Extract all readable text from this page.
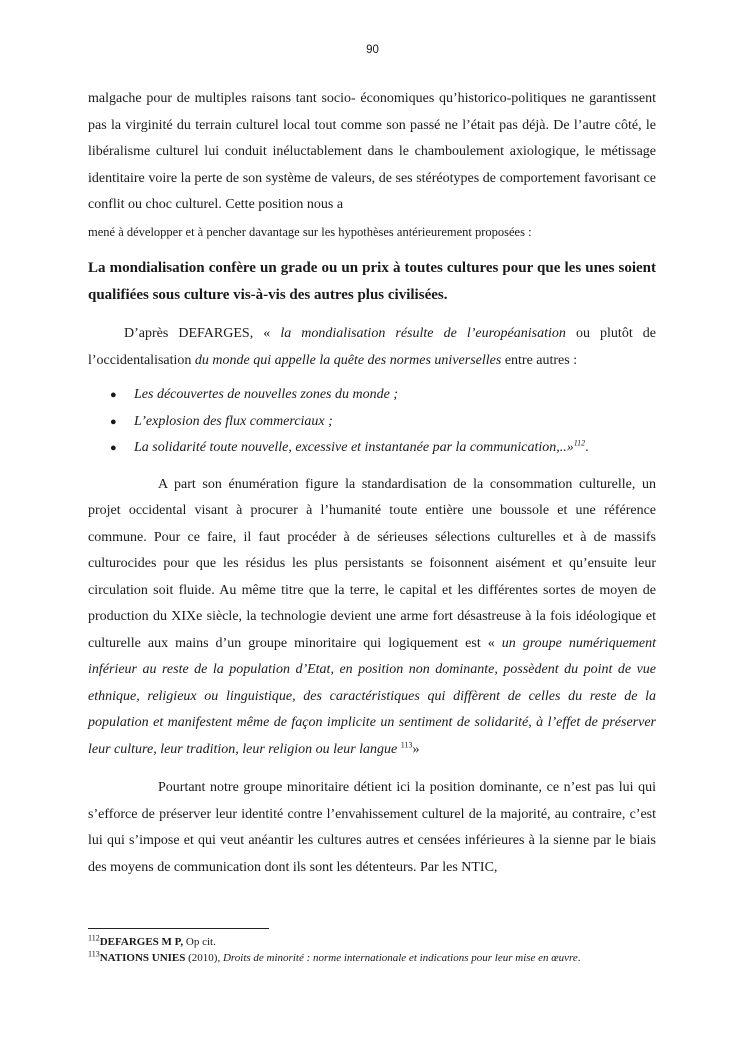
90

malgache pour de multiples raisons tant socio- économiques qu’historico-politiques ne garantissent pas la virginité du terrain culturel local tout comme son passé ne l’était pas déjà. De l’autre côté, le libéralisme culturel lui conduit inéluctablement dans le chamboulement axiologique, le métissage identitaire voire la perte de son système de valeurs, de ses stéréotypes de comportement favorisant ce conflit ou choc culturel. Cette position nous a

mené à développer et à pencher davantage sur les hypothèses antérieurement proposées :

La mondialisation confère un grade ou un prix à toutes cultures pour que les unes soient qualifiées sous culture vis-à-vis des autres plus civilisées.

D’après DEFARGES, « la mondialisation résulte de l’européanisation ou plutôt de l’occidentalisation du monde qui appelle la quête des normes universelles entre autres :

● Les découvertes de nouvelles zones du monde ;
● L’explosion des flux commerciaux ;
● La solidarité toute nouvelle, excessive et instantanée par la communication,..»$^{112}$.

A part son énumération figure la standardisation de la consommation culturelle, un projet occidental visant à procurer à l’humanité toute entière une boussole et une référence commune. Pour ce faire, il faut procéder à de sérieuses sélections culturelles et à de massifs culturocides pour que les résidus les plus persistants se foisonnent aisément et qu’ensuite leur circulation soit fluide. Au même titre que la terre, le capital et les différentes sortes de moyen de production du XIXe siècle, la technologie devient une arme fort désastreuse à la fois idéologique et culturelle aux mains d’un groupe minoritaire qui logiquement est « un groupe numériquement inférieur au reste de la population d’Etat, en position non dominante, possèdent du point de vue ethnique, religieux ou linguistique, des caractéristiques qui diffèrent de celles du reste de la population et manifestent même de façon implicite un sentiment de solidarité, à l’effet de préserver leur culture, leur tradition, leur religion ou leur langue $^{113}$»

Pourtant notre groupe minoritaire détient ici la position dominante, ce n’est pas lui qui s’efforce de préserver leur identité contre l’envahissement culturel de la majorité, au contraire, c’est lui qui s’impose et qui veut anéantir les cultures autres et censées inférieures à la sienne par le biais des moyens de communication dont ils sont les détenteurs. Par les NTIC,

$^{112}$DEFARGES M P, Op cit.
$^{113}$NATIONS UNIES (2010), Droits de minorité : norme internationale et indications pour leur mise en œuvre.
